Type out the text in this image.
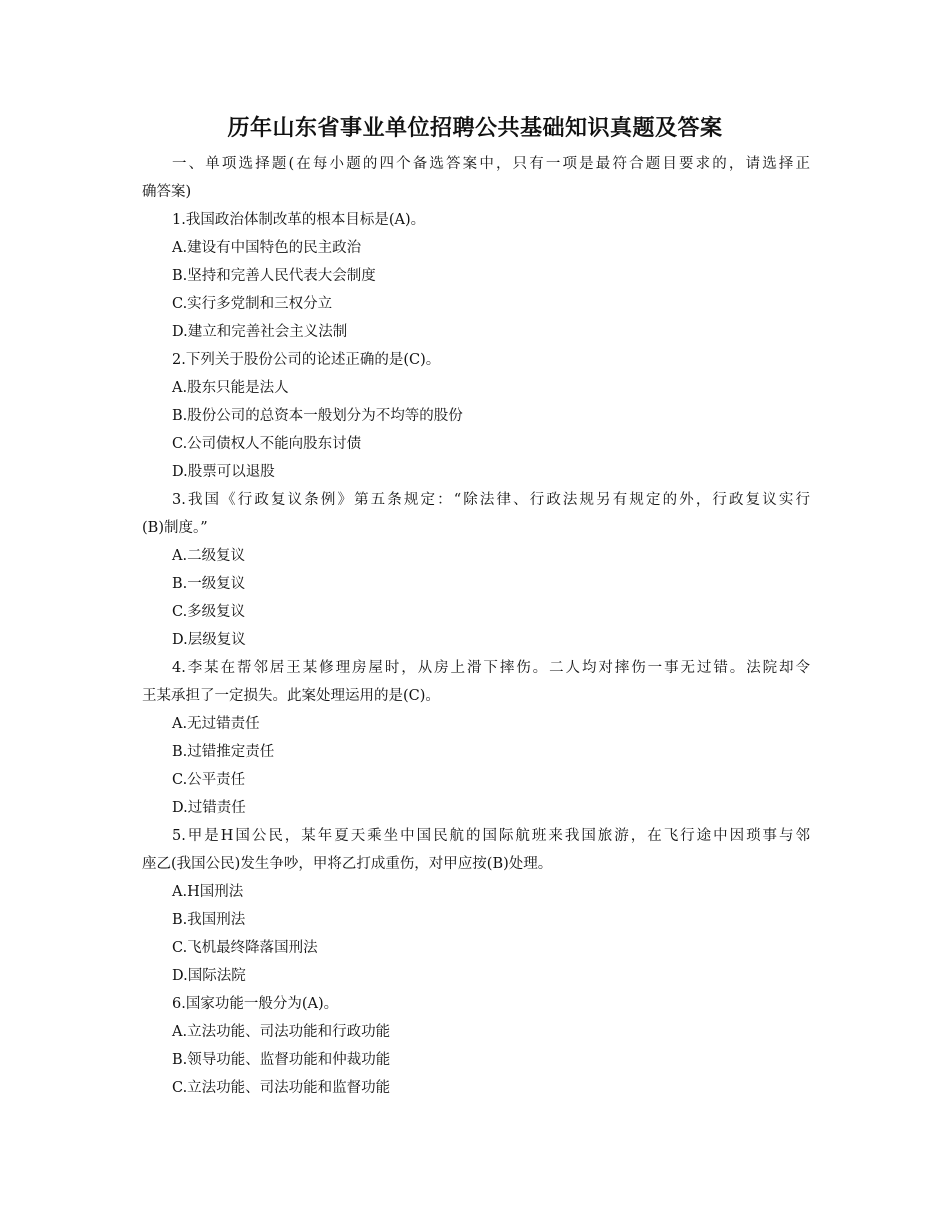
历年山东省事业单位招聘公共基础知识真题及答案
一、单项选择题(在每小题的四个备选答案中，只有一项是最符合题目要求的，请选择正
确答案)
1.我国政治体制改革的根本目标是(A)。
A.建设有中国特色的民主政治
B.坚持和完善人民代表大会制度
C.实行多党制和三权分立
D.建立和完善社会主义法制
2.下列关于股份公司的论述正确的是(C)。
A.股东只能是法人
B.股份公司的总资本一般划分为不均等的股份
C.公司债权人不能向股东讨债
D.股票可以退股
3.我国《行政复议条例》第五条规定：“除法律、行政法规另有规定的外，行政复议实行
(B)制度。”
A.二级复议
B.一级复议
C.多级复议
D.层级复议
4.李某在帮邻居王某修理房屋时，从房上滑下摔伤。二人均对摔伤一事无过错。法院却令
王某承担了一定损失。此案处理运用的是(C)。
A.无过错责任
B.过错推定责任
C.公平责任
D.过错责任
5.甲是H国公民，某年夏天乘坐中国民航的国际航班来我国旅游，在飞行途中因琐事与邻
座乙(我国公民)发生争吵，甲将乙打成重伤，对甲应按(B)处理。
A.H国刑法
B.我国刑法
C.飞机最终降落国刑法
D.国际法院
6.国家功能一般分为(A)。
A.立法功能、司法功能和行政功能
B.领导功能、监督功能和仲裁功能
C.立法功能、司法功能和监督功能
